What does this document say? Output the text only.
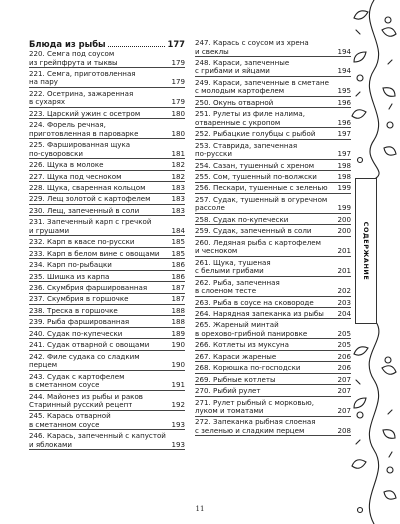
Блюда из рыбы	177
220. Семга под соусом
из грейпфрута и тыквы	179
221. Семга, приготовленная
на пару	179
222. Осетрина, зажаренная
в сухарях	179
223. Царский ужин с осетром	180
224. Форель речная,
приготовленная в пароварке	180
225. Фаршированная щука
по-суворовски	181
226. Щука в молоке	182
227. Щука под чесноком	182
228. Щука, сваренная кольцом	183
229. Лещ золотой с картофелем	183
230. Лещ, запеченный в соли	183
231. Запеченный карп с гречкой
и грушами	184
232. Карп в квасе по-русски	185
233. Карп в белом вине с овощами 185
234. Карп по-рыбацки	186
235. Шишка из карпа	186
236. Скумбрия фаршированная	187
237. Скумбрия в горшочке	187
238. Треска в горшочке	188
239. Рыба фаршированная	188
240. Судак по-купечески	189
241. Судак отварной с овощами	190
242. Филе судака со сладким
перцем	190
243. Судак с картофелем
в сметанном соусе	191
244. Майонез из рыбы и раков
Старинный русский рецепт	192
245. Карась отварной
в сметанном соусе	193
246. Карась, запеченный с капустой
и яблоками	193
247. Карась с соусом из хрена
и свеклы	194
248. Караси, запеченные
с грибами и яйцами	194
249. Караси, запеченные в сметане
с молодым картофелем	195
250. Окунь отварной	196
251. Рулеты из филе налима,
отваренные с укропом	196
252. Рыбацкие голубцы с рыбой	197
253. Ставрида, запеченная
по-русски	197
254. Сазан, тушенный с хреном	198
255. Сом, тушенный по-волжски	198
256. Пескари, тушенные с зеленью 199
257. Судак, тушенный в огуречном
рассоле	199
258. Судак по-купечески	200
259. Судак, запеченный в соли	200
260. Ледяная рыба с картофелем
и чесноком	201
261. Щука, тушеная
с белыми грибами	201
262. Рыба, запеченная
в слоеном тесте	202
263. Рыба в соусе на сковороде	203
264. Нарядная запеканка из рыбы 204
265. Жареный минтай
в орехово-грибной панировке	205
266. Котлеты из муксуна	205
267. Караси жареные	206
268. Корюшка по-господски	206
269. Рыбные котлеты	207
270. Рыбий рулет	207
271. Рулет рыбный с морковью,
луком и томатами	207
272. Запеканка рыбная слоеная
с зеленью и сладким перцем	208
СОДЕРЖАНИЕ
11
